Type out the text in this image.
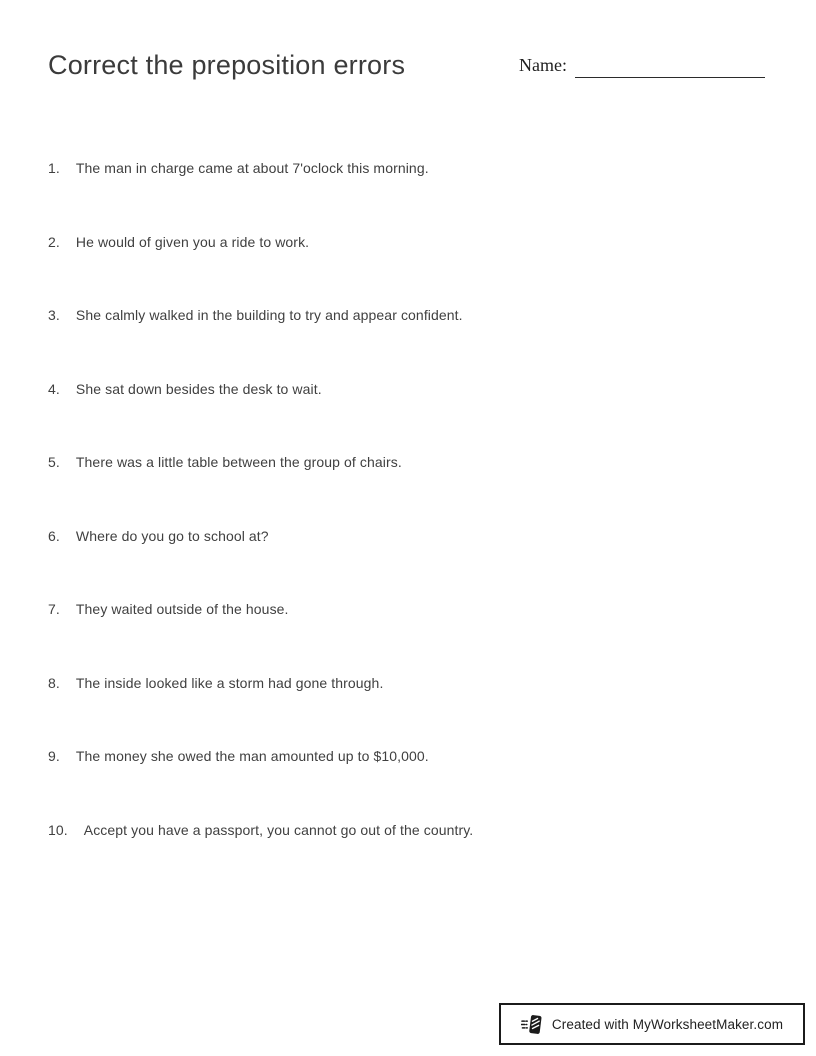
Correct the preposition errors	Name:
1. The man in charge came at about 7'oclock this morning.
2. He would of given you a ride to work.
3. She calmly walked in the building to try and appear confident.
4. She sat down besides the desk to wait.
5. There was a little table between the group of chairs.
6. Where do you go to school at?
7. They waited outside of the house.
8. The inside looked like a storm had gone through.
9. The money she owed the man amounted up to $10,000.
10. Accept you have a passport, you cannot go out of the country.
Created with MyWorksheetMaker.com
